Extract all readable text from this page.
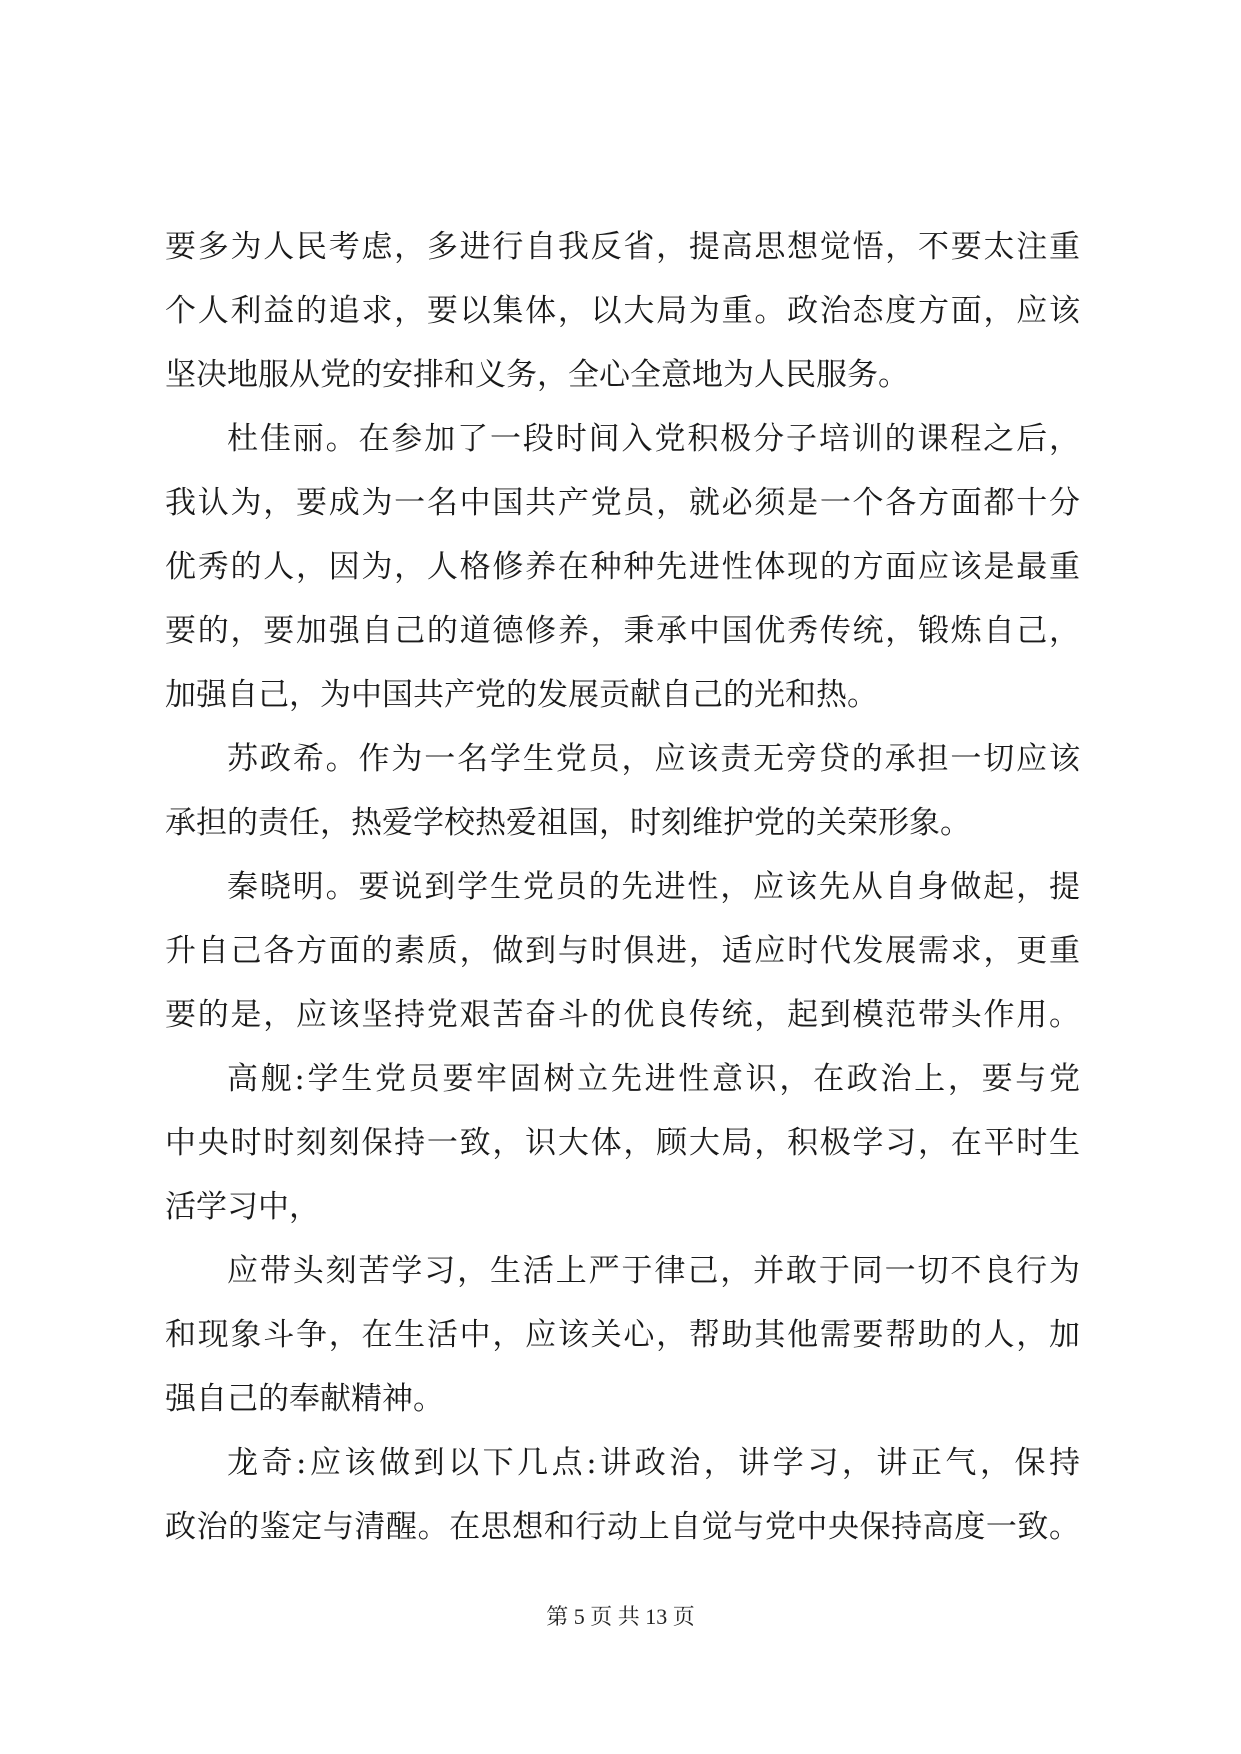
要多为人民考虑，多进行自我反省，提高思想觉悟，不要太注重
个人利益的追求，要以集体，以大局为重。政治态度方面，应该
坚决地服从党的安排和义务，全心全意地为人民服务。
杜佳丽。在参加了一段时间入党积极分子培训的课程之后，
我认为，要成为一名中国共产党员，就必须是一个各方面都十分
优秀的人，因为，人格修养在种种先进性体现的方面应该是最重
要的，要加强自己的道德修养，秉承中国优秀传统，锻炼自己，
加强自己，为中国共产党的发展贡献自己的光和热。
苏政希。作为一名学生党员，应该责无旁贷的承担一切应该
承担的责任，热爱学校热爱祖国，时刻维护党的关荣形象。
秦晓明。要说到学生党员的先进性，应该先从自身做起，提
升自己各方面的素质，做到与时俱进，适应时代发展需求，更重
要的是，应该坚持党艰苦奋斗的优良传统，起到模范带头作用。
高舰:学生党员要牢固树立先进性意识，在政治上，要与党
中央时时刻刻保持一致，识大体，顾大局，积极学习，在平时生
活学习中，
应带头刻苦学习，生活上严于律己，并敢于同一切不良行为
和现象斗争，在生活中，应该关心，帮助其他需要帮助的人，加
强自己的奉献精神。
龙奇:应该做到以下几点:讲政治，讲学习，讲正气，保持
政治的鉴定与清醒。在思想和行动上自觉与党中央保持高度一致。
第 5 页 共 13 页
